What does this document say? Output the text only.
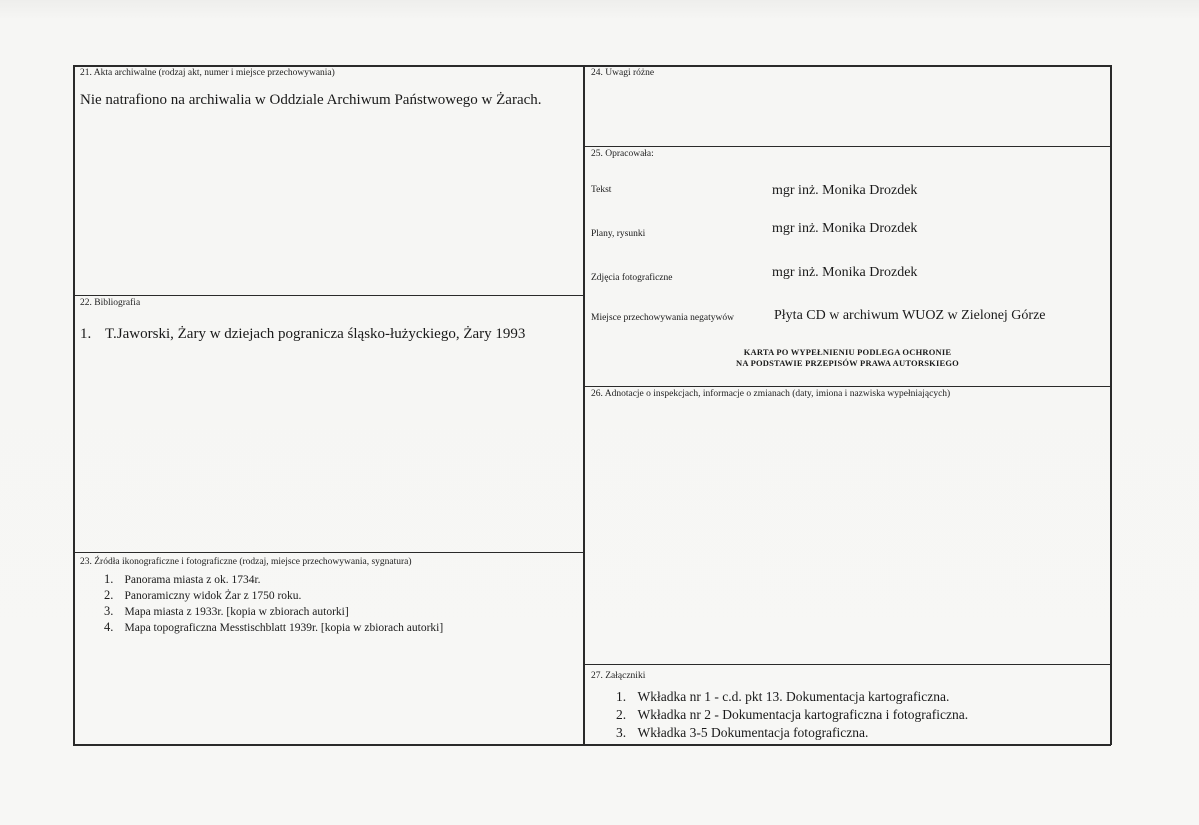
21. Akta archiwalne (rodzaj akt, numer i miejsce przechowywania)
Nie natrafiono na archiwalia w Oddziale Archiwum Państwowego w Żarach.
22. Bibliografia
1. T.Jaworski, Żary w dziejach pogranicza śląsko-łużyckiego, Żary 1993
23. Źródła ikonograficzne i fotograficzne (rodzaj, miejsce przechowywania, sygnatura)
1. Panorama miasta z ok. 1734r.
2. Panoramiczny widok Żar z 1750 roku.
3. Mapa miasta z 1933r. [kopia w zbiorach autorki]
4. Mapa topograficzna Messtischblatt 1939r. [kopia w zbiorach autorki]
24. Uwagi różne
25. Opracowała:
Tekst	mgr inż. Monika Drozdek
Plany, rysunki	mgr inż. Monika Drozdek
Zdjęcia fotograficzne	mgr inż. Monika Drozdek
Miejsce przechowywania negatywów	Płyta CD w archiwum WUOZ w Zielonej Górze
KARTA PO WYPEŁNIENIU PODLEGA OCHRONIE
NA PODSTAWIE PRZEPISÓW PRAWA AUTORSKIEGO
26. Adnotacje o inspekcjach, informacje o zmianach (daty, imiona i nazwiska wypełniających)
27. Załączniki
1. Wkładka nr 1 - c.d. pkt 13. Dokumentacja kartograficzna.
2. Wkładka nr 2 - Dokumentacja kartograficzna i fotograficzna.
3. Wkładka 3-5 Dokumentacja fotograficzna.
